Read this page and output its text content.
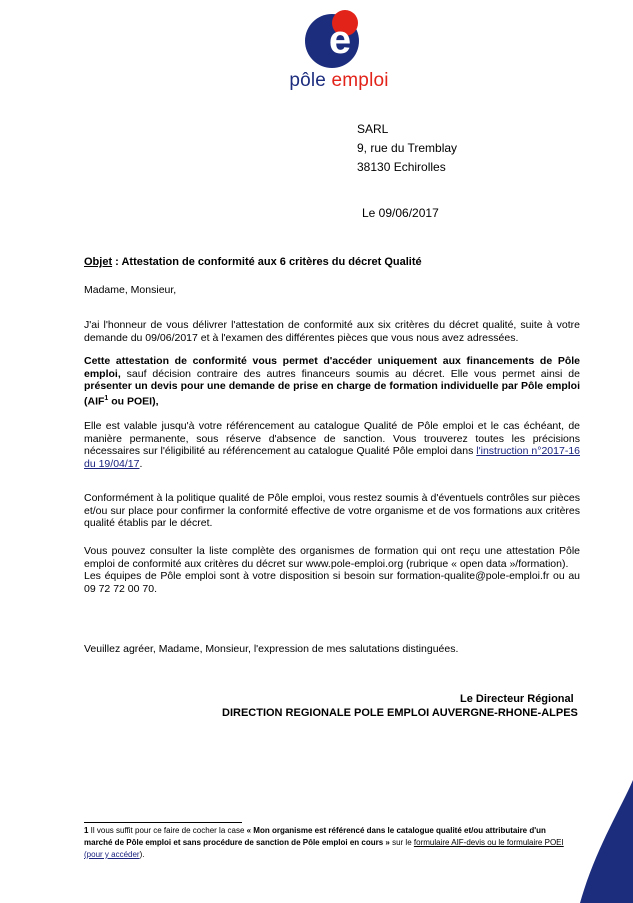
e
pôle emploi
SARL
9, rue du Tremblay
38130 Echirolles
Le 09/06/2017
Objet : Attestation de conformité aux 6 critères du décret Qualité
Madame, Monsieur,
J'ai l'honneur de vous délivrer l'attestation de conformité aux six critères du décret qualité, suite à votre demande du 09/06/2017 et à l'examen des différentes pièces que vous nous avez adressées.
Cette attestation de conformité vous permet d'accéder uniquement aux financements de Pôle emploi, sauf décision contraire des autres financeurs soumis au décret. Elle vous permet ainsi de présenter un devis pour une demande de prise en charge de formation individuelle par Pôle emploi (AIF$^1$ ou POEI),
Elle est valable jusqu'à votre référencement au catalogue Qualité de Pôle emploi et le cas échéant, de manière permanente, sous réserve d'absence de sanction. Vous trouverez toutes les précisions nécessaires sur l'éligibilité au référencement au catalogue Qualité Pôle emploi dans l'instruction n°2017-16 du 19/04/17.
Conformément à la politique qualité de Pôle emploi, vous restez soumis à d'éventuels contrôles sur pièces et/ou sur place pour confirmer la conformité effective de votre organisme et de vos formations aux critères qualité établis par le décret.
Vous pouvez consulter la liste complète des organismes de formation qui ont reçu une attestation Pôle emploi de conformité aux critères du décret sur www.pole-emploi.org (rubrique « open data »/formation).
Les équipes de Pôle emploi sont à votre disposition si besoin sur formation-qualite@pole-emploi.fr ou au 09 72 72 00 70.
Veuillez agréer, Madame, Monsieur, l'expression de mes salutations distinguées.
Le Directeur Régional
DIRECTION REGIONALE POLE EMPLOI AUVERGNE-RHONE-ALPES
1 Il vous suffit pour ce faire de cocher la case « Mon organisme est référencé dans le catalogue qualité et/ou attributaire d'un marché de Pôle emploi et sans procédure de sanction de Pôle emploi en cours » sur le formulaire AIF-devis ou le formulaire POEI (pour y accéder).
